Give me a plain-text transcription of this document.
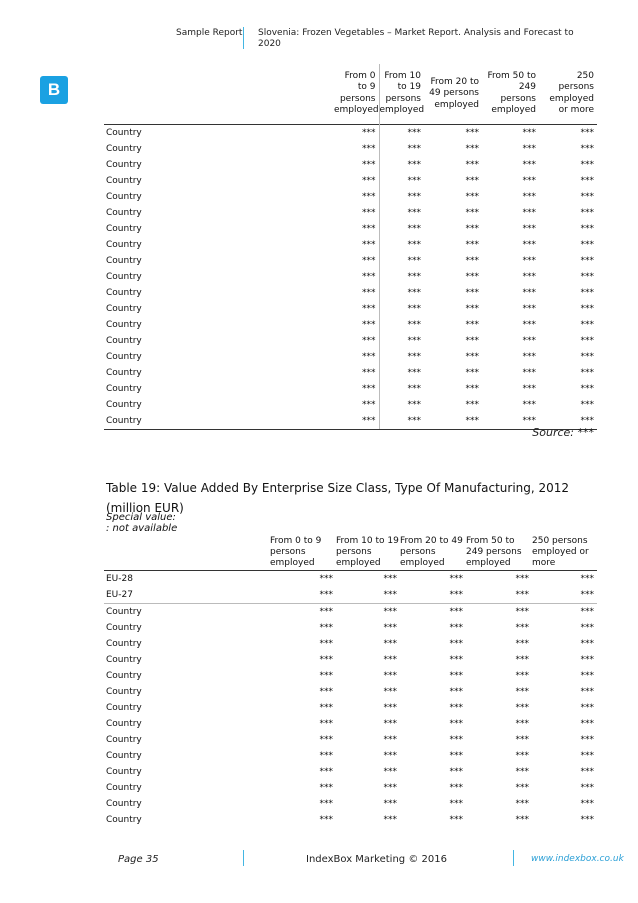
Sample Report Slovenia: Frozen Vegetables – Market Report. Analysis and Forecast to 2020
B
	From 0 to 9 persons employed	From 10 to 19 persons employed	From 20 to 49 persons employed	From 50 to 249 persons employed	250 persons employed or more
Country	***	***	***	***	***
Country	***	***	***	***	***
Country	***	***	***	***	***
Country	***	***	***	***	***
Country	***	***	***	***	***
Country	***	***	***	***	***
Country	***	***	***	***	***
Country	***	***	***	***	***
Country	***	***	***	***	***
Country	***	***	***	***	***
Country	***	***	***	***	***
Country	***	***	***	***	***
Country	***	***	***	***	***
Country	***	***	***	***	***
Country	***	***	***	***	***
Country	***	***	***	***	***
Country	***	***	***	***	***
Country	***	***	***	***	***
Country	***	***	***	***	***
Source: ***
Table 19: Value Added By Enterprise Size Class, Type Of Manufacturing, 2012 (million EUR)
Special value:
: not available
	From 0 to 9 persons employed	From 10 to 19 persons employed	From 20 to 49 persons employed	From 50 to 249 persons employed	250 persons employed or more
EU-28	***	***	***	***	***
EU-27	***	***	***	***	***
Country	***	***	***	***	***
Country	***	***	***	***	***
Country	***	***	***	***	***
Country	***	***	***	***	***
Country	***	***	***	***	***
Country	***	***	***	***	***
Country	***	***	***	***	***
Country	***	***	***	***	***
Country	***	***	***	***	***
Country	***	***	***	***	***
Country	***	***	***	***	***
Country	***	***	***	***	***
Country	***	***	***	***	***
Country	***	***	***	***	***
Page 35	IndexBox Marketing © 2016	www.indexbox.co.uk
